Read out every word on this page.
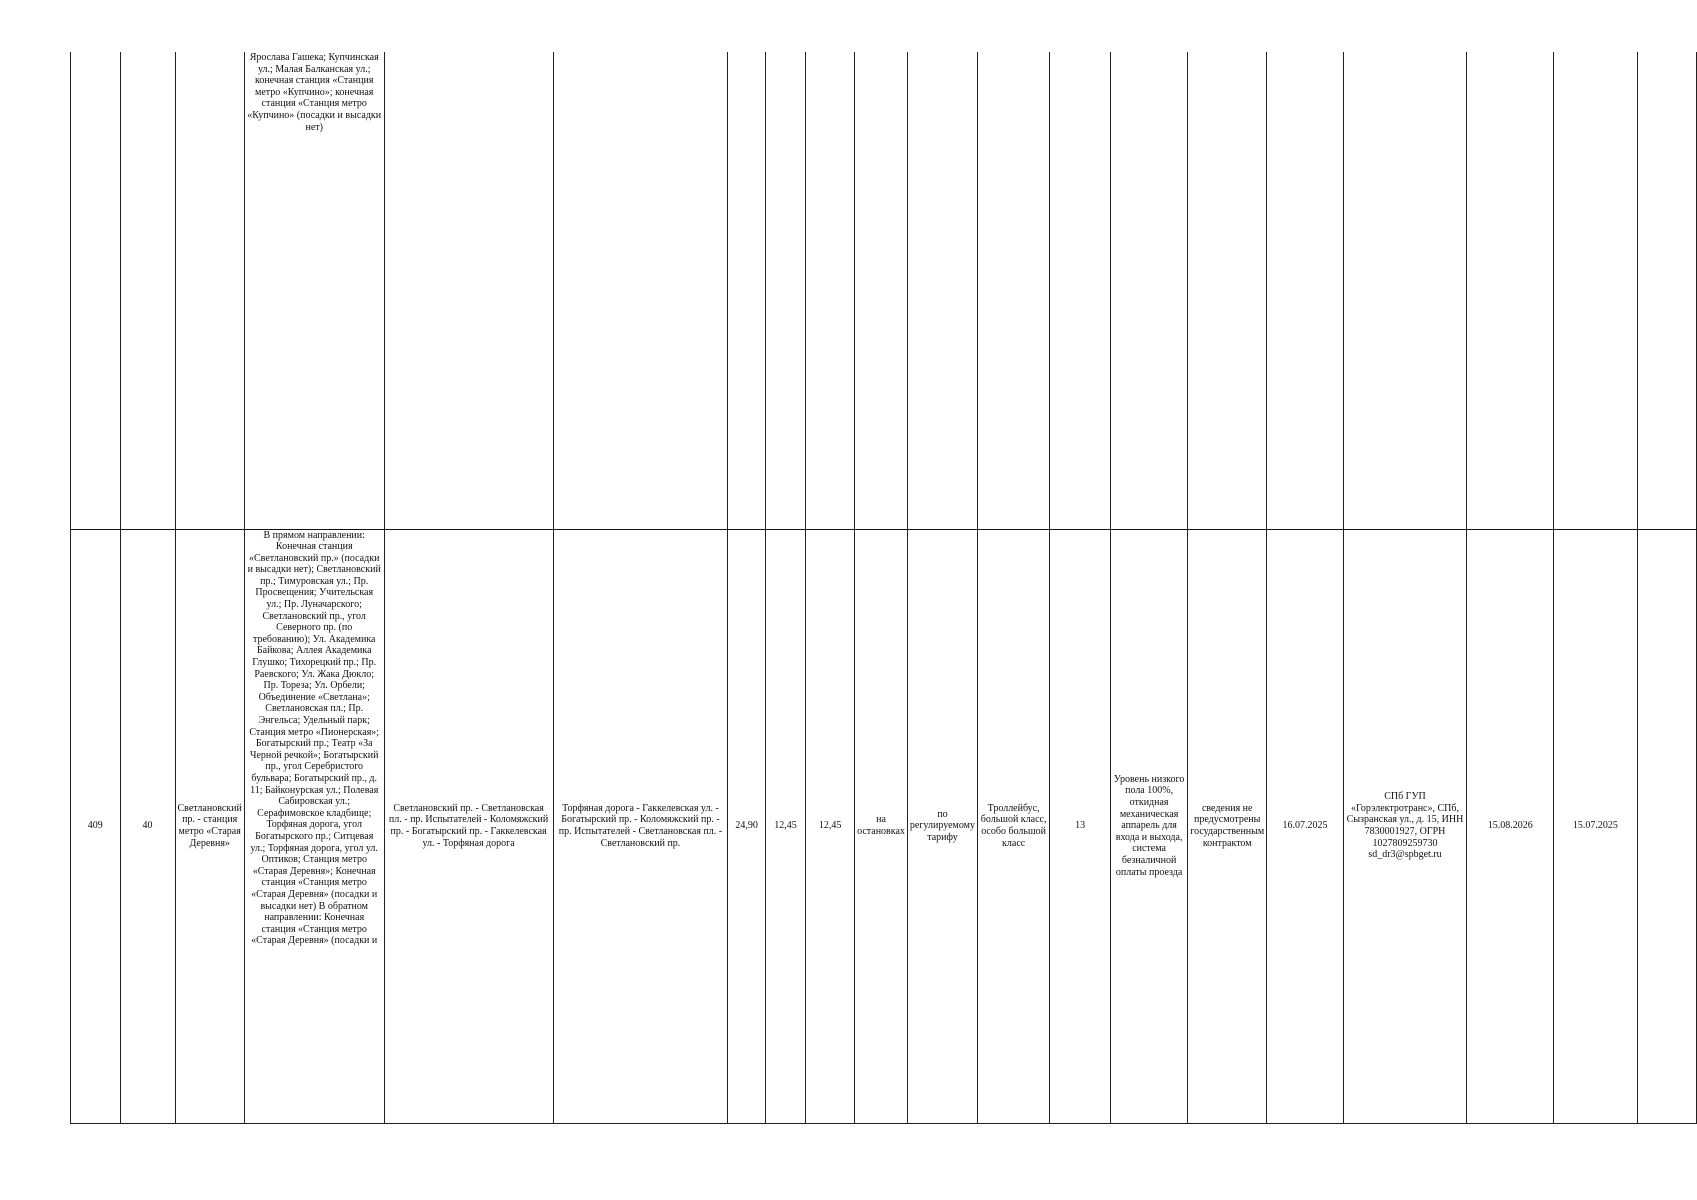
			Ярослава Гашека; Купчинская ул.; Малая Балканская ул.; конечная станция «Станция метро «Купчино»; конечная станция «Станция метро «Купчино» (посадки и высадки нет)																

409	40	Светлановский пр. - станция метро «Старая Деревня»	В прямом направлении: Конечная станция «Светлановский пр.» (посадки и высадки нет); Светлановский пр.; Тимуровская ул.; Пр. Просвещения; Учительская ул.; Пр. Луначарского; Светлановский пр., угол Северного пр. (по требованию); Ул. Академика Байкова; Аллея Академика Глушко; Тихорецкий пр.; Пр. Раевского; Ул. Жака Дюкло; Пр. Тореза; Ул. Орбели; Объединение «Светлана»; Светлановская пл.; Пр. Энгельса; Удельный парк; Станция метро «Пионерская»; Богатырский пр.; Театр «За Черной речкой»; Богатырский пр., угол Серебристого бульвара; Богатырский пр., д. 11; Байконурская ул.; Полевая Сабировская ул.; Серафимовское кладбище; Торфяная дорога, угол Богатырского пр.; Ситцевая ул.; Торфяная дорога, угол ул. Оптиков; Станция метро «Старая Деревня»; Конечная станция «Станция метро «Старая Деревня» (посадки и высадки нет) В обратном направлении: Конечная станция «Станция метро «Старая Деревня» (посадки и	Светлановский пр. - Светлановская пл. - пр. Испытателей - Коломяжский пр. - Богатырский пр. - Гаккелевская ул. - Торфяная дорога	Торфяная дорога - Гаккелевская ул. - Богатырский пр. - Коломяжский пр. - пр. Испытателей - Светлановская пл. - Светлановский пр.	24,90	12,45	12,45	на остановках	по регулируемому тарифу	Троллейбус, большой класс, особо большой класс	13	Уровень низкого пола 100%, откидная механическая аппарель для входа и выхода, система безналичной оплаты проезда	сведения не предусмотрены государственным контрактом	16.07.2025	СПб ГУП «Горэлектротранс», СПб, Сызранская ул., д. 15, ИНН 7830001927, ОГРН 1027809259730 sd_dr3@spbget.ru	15.08.2026	15.07.2025	
